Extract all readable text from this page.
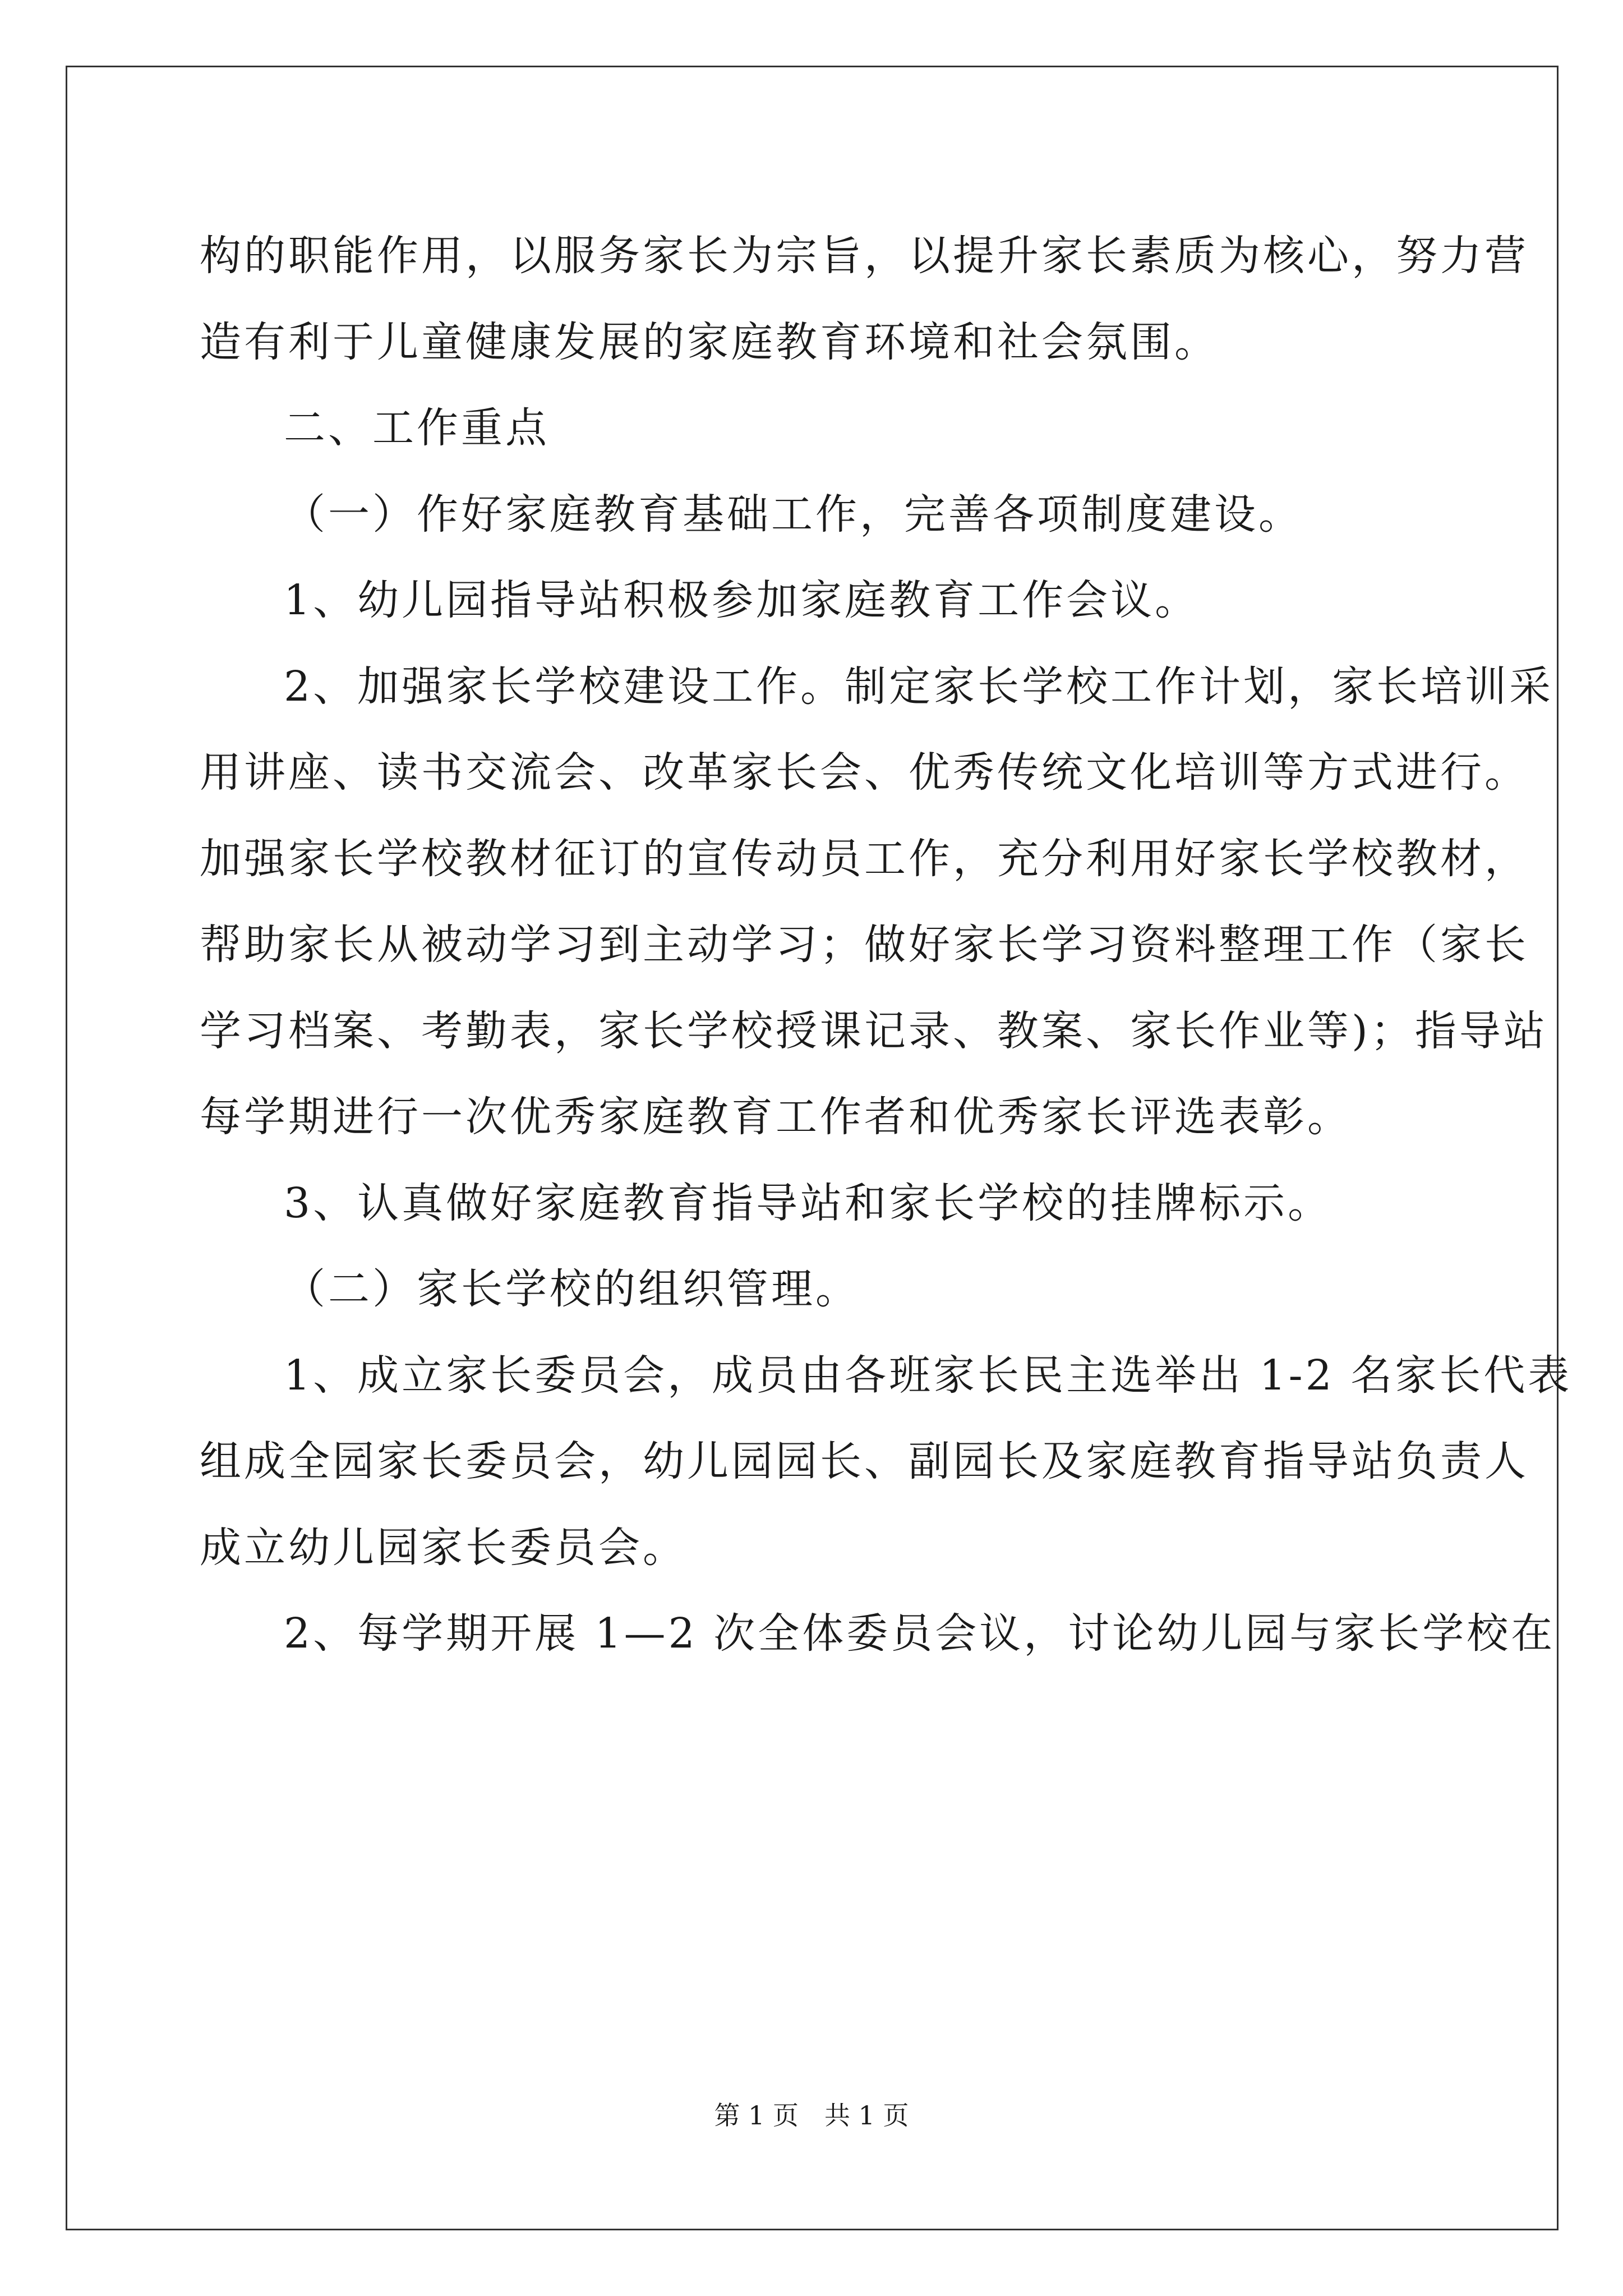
构的职能作用，以服务家长为宗旨，以提升家长素质为核心，努力营
造有利于儿童健康发展的家庭教育环境和社会氛围。
二、工作重点
（一）作好家庭教育基础工作，完善各项制度建设。
1、幼儿园指导站积极参加家庭教育工作会议。
2、加强家长学校建设工作。制定家长学校工作计划，家长培训采
用讲座、读书交流会、改革家长会、优秀传统文化培训等方式进行。
加强家长学校教材征订的宣传动员工作，充分利用好家长学校教材，
帮助家长从被动学习到主动学习；做好家长学习资料整理工作（家长
学习档案、考勤表，家长学校授课记录、教案、家长作业等)；指导站
每学期进行一次优秀家庭教育工作者和优秀家长评选表彰。
3、认真做好家庭教育指导站和家长学校的挂牌标示。
（二）家长学校的组织管理。
1、成立家长委员会，成员由各班家长民主选举出 1-2 名家长代表
组成全园家长委员会，幼儿园园长、副园长及家庭教育指导站负责人
成立幼儿园家长委员会。
2、每学期开展 1—2 次全体委员会议，讨论幼儿园与家长学校在
第 1 页　共 1 页
